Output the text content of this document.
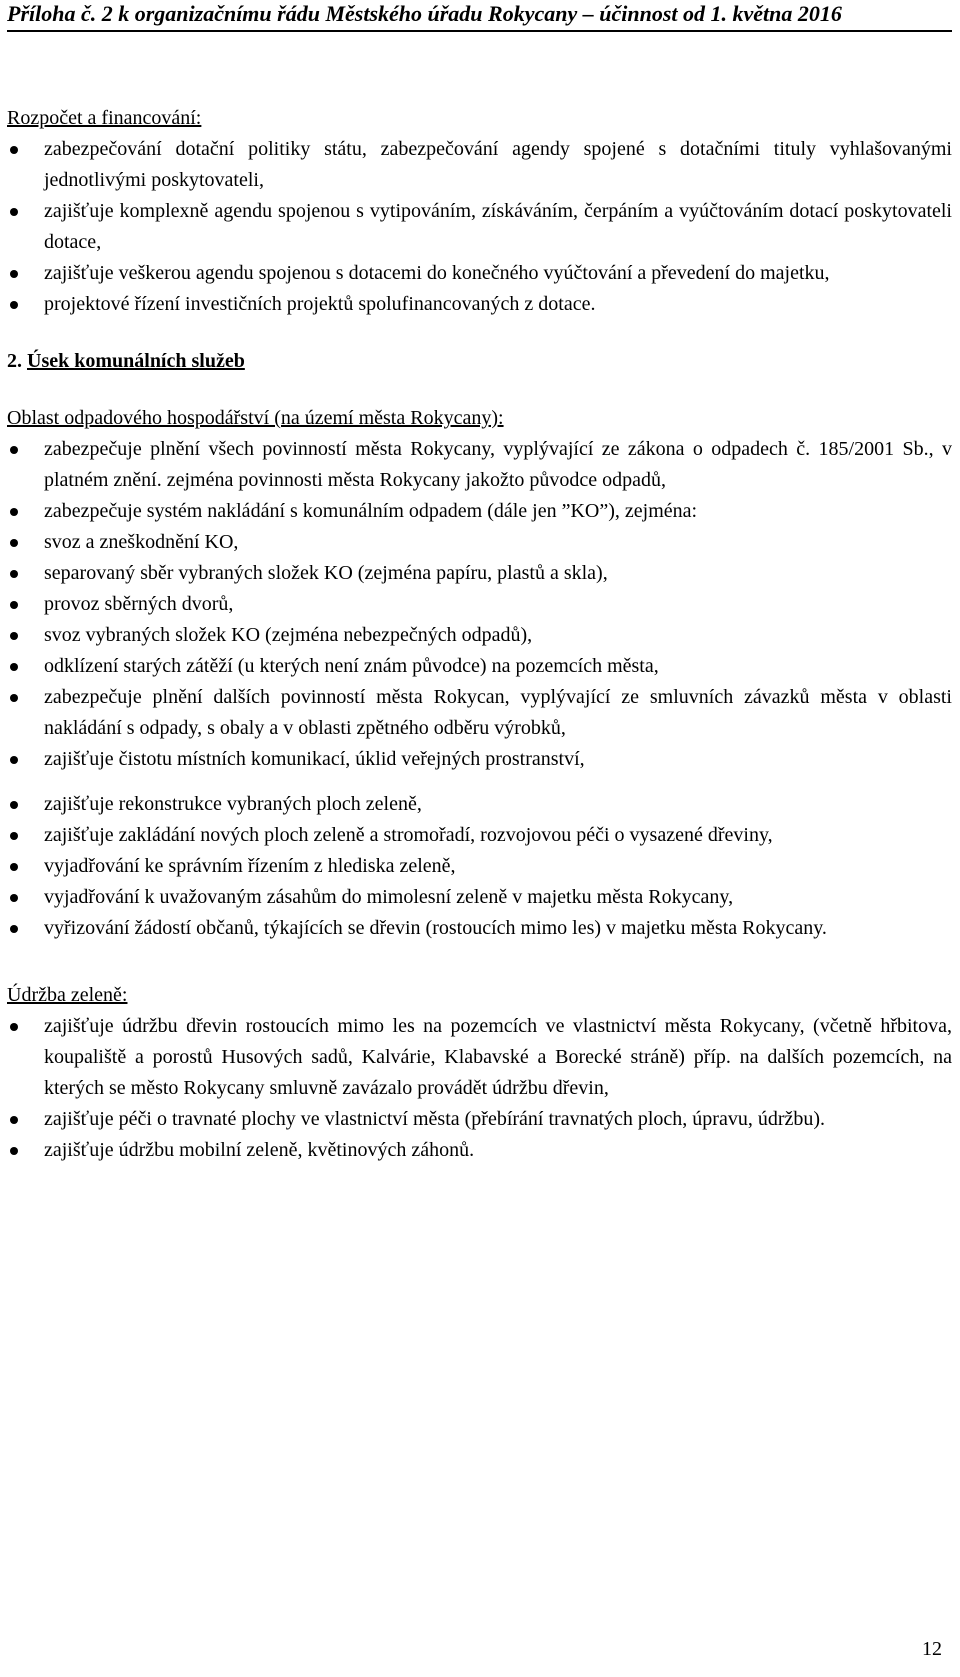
Příloha č. 2 k organizačnímu řádu Městského úřadu Rokycany – účinnost od 1. května 2016

Rozpočet a financování:

zabezpečování dotační politiky státu, zabezpečování agendy spojené s dotačními tituly vyhlašovanými jednotlivými poskytovateli,
zajišťuje komplexně agendu spojenou s vytipováním, získáváním, čerpáním a vyúčtováním dotací poskytovateli dotace,
zajišťuje veškerou agendu spojenou s dotacemi do konečného vyúčtování a převedení do majetku,
projektové řízení investičních projektů spolufinancovaných z dotace.

2. Úsek komunálních služeb

Oblast odpadového hospodářství (na území města Rokycany):

zabezpečuje plnění všech povinností města Rokycany, vyplývající ze zákona o odpadech č. 185/2001 Sb., v platném znění. zejména povinnosti města Rokycany jakožto původce odpadů,
zabezpečuje systém nakládání s komunálním odpadem (dále jen ”KO”), zejména:
svoz a zneškodnění KO,
separovaný sběr vybraných složek KO (zejména papíru, plastů a skla),
provoz sběrných dvorů,
svoz vybraných složek KO (zejména nebezpečných odpadů),
odklízení starých zátěží (u kterých není znám původce) na pozemcích města,
zabezpečuje plnění dalších povinností města Rokycan, vyplývající ze smluvních závazků města v oblasti nakládání s odpady, s obaly a v oblasti zpětného odběru výrobků,
zajišťuje čistotu místních komunikací, úklid veřejných prostranství,
zajišťuje rekonstrukce vybraných ploch zeleně,
zajišťuje zakládání nových ploch zeleně a stromořadí, rozvojovou péči o vysazené dřeviny,
vyjadřování ke správním řízením z hlediska zeleně,
vyjadřování k uvažovaným zásahům do mimolesní zeleně v majetku města Rokycany,
vyřizování žádostí občanů, týkajících se dřevin (rostoucích mimo les) v majetku města Rokycany.

Údržba zeleně:

zajišťuje údržbu dřevin rostoucích mimo les na pozemcích ve vlastnictví města Rokycany, (včetně hřbitova, koupaliště a porostů Husových sadů, Kalvárie, Klabavské a Borecké stráně) příp. na dalších pozemcích, na kterých se město Rokycany smluvně zavázalo provádět údržbu dřevin,
zajišťuje péči o travnaté plochy ve vlastnictví města (přebírání travnatých ploch, úpravu, údržbu).
zajišťuje údržbu mobilní zeleně, květinových záhonů.
12
